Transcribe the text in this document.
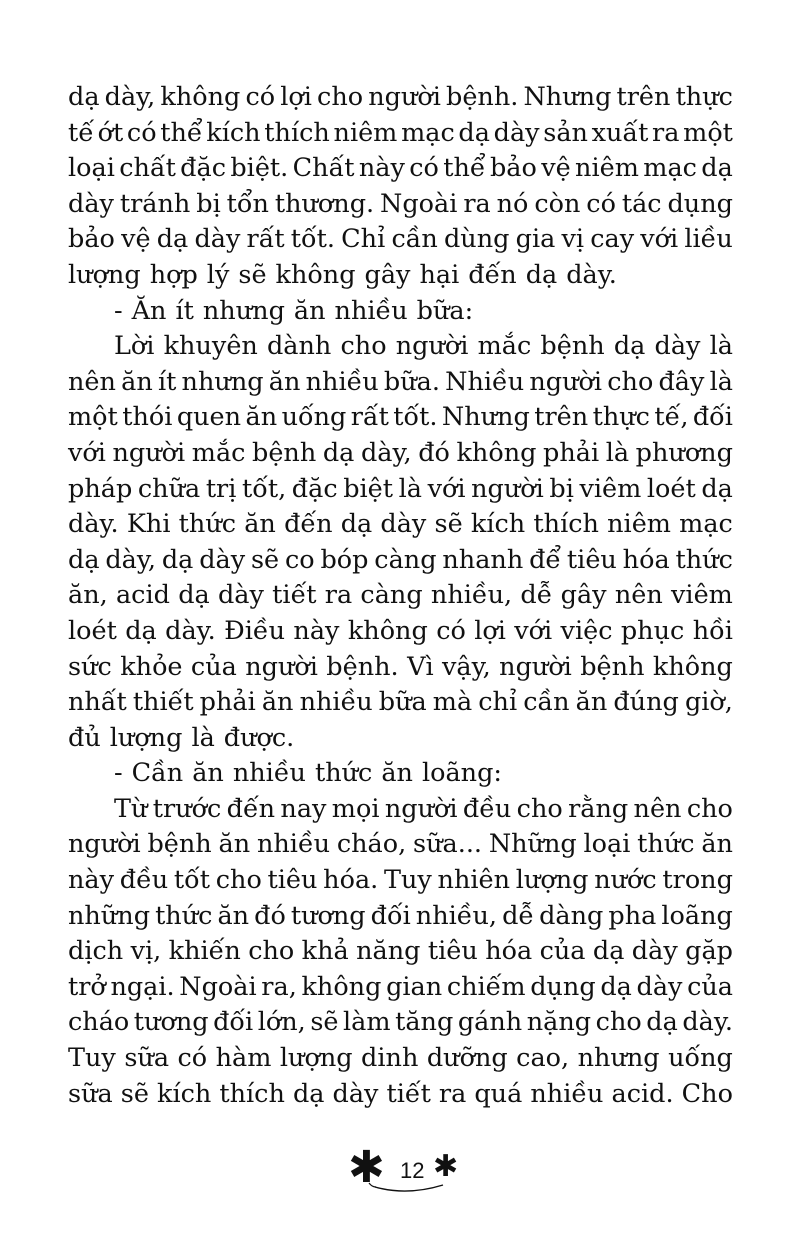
dạ dày, không có lợi cho người bệnh. Nhưng trên thực
tế ớt có thể kích thích niêm mạc dạ dày sản xuất ra một
loại chất đặc biệt. Chất này có thể bảo vệ niêm mạc dạ
dày tránh bị tổn thương. Ngoài ra nó còn có tác dụng
bảo vệ dạ dày rất tốt. Chỉ cần dùng gia vị cay với liều
lượng hợp lý sẽ không gây hại đến dạ dày.
- Ăn ít nhưng ăn nhiều bữa:
Lời khuyên dành cho người mắc bệnh dạ dày là
nên ăn ít nhưng ăn nhiều bữa. Nhiều người cho đây là
một thói quen ăn uống rất tốt. Nhưng trên thực tế, đối
với người mắc bệnh dạ dày, đó không phải là phương
pháp chữa trị tốt, đặc biệt là với người bị viêm loét dạ
dày. Khi thức ăn đến dạ dày sẽ kích thích niêm mạc
dạ dày, dạ dày sẽ co bóp càng nhanh để tiêu hóa thức
ăn, acid dạ dày tiết ra càng nhiều, dễ gây nên viêm
loét dạ dày. Điều này không có lợi với việc phục hồi
sức khỏe của người bệnh. Vì vậy, người bệnh không
nhất thiết phải ăn nhiều bữa mà chỉ cần ăn đúng giờ,
đủ lượng là được.
- Cần ăn nhiều thức ăn loãng:
Từ trước đến nay mọi người đều cho rằng nên cho
người bệnh ăn nhiều cháo, sữa... Những loại thức ăn
này đều tốt cho tiêu hóa. Tuy nhiên lượng nước trong
những thức ăn đó tương đối nhiều, dễ dàng pha loãng
dịch vị, khiến cho khả năng tiêu hóa của dạ dày gặp
trở ngại. Ngoài ra, không gian chiếm dụng dạ dày của
cháo tương đối lớn, sẽ làm tăng gánh nặng cho dạ dày.
Tuy sữa có hàm lượng dinh dưỡng cao, nhưng uống
sữa sẽ kích thích dạ dày tiết ra quá nhiều acid. Cho
✱ 12 ✱
